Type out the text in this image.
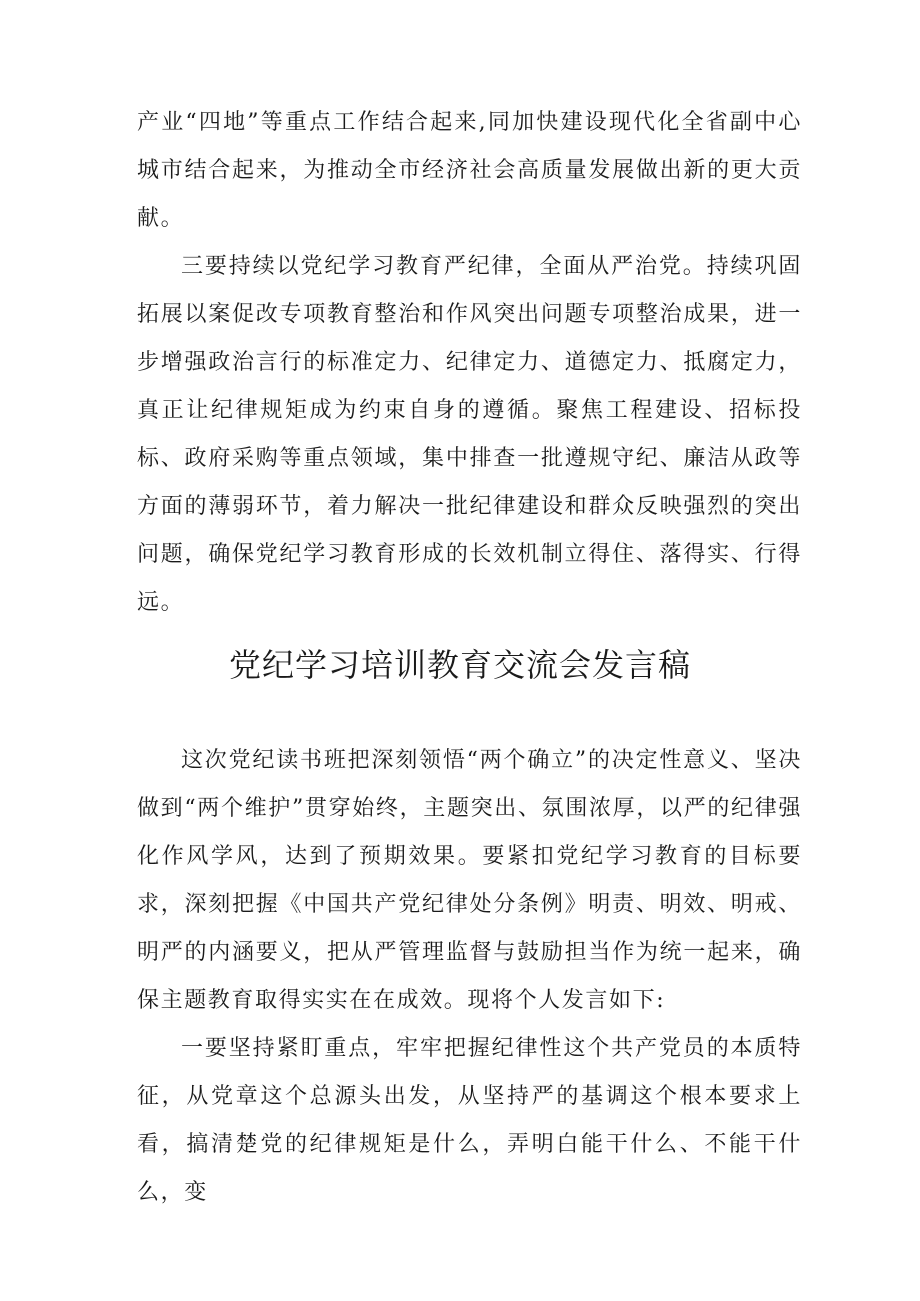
产业“四地”等重点工作结合起来,同加快建设现代化全省副中心城市结合起来，为推动全市经济社会高质量发展做出新的更大贡献。

三要持续以党纪学习教育严纪律，全面从严治党。持续巩固拓展以案促改专项教育整治和作风突出问题专项整治成果，进一步增强政治言行的标准定力、纪律定力、道德定力、抵腐定力，真正让纪律规矩成为约束自身的遵循。聚焦工程建设、招标投标、政府采购等重点领域，集中排查一批遵规守纪、廉洁从政等方面的薄弱环节，着力解决一批纪律建设和群众反映强烈的突出问题，确保党纪学习教育形成的长效机制立得住、落得实、行得远。

党纪学习培训教育交流会发言稿

这次党纪读书班把深刻领悟“两个确立”的决定性意义、坚决做到“两个维护”贯穿始终，主题突出、氛围浓厚，以严的纪律强化作风学风，达到了预期效果。要紧扣党纪学习教育的目标要求，深刻把握《中国共产党纪律处分条例》明责、明效、明戒、明严的内涵要义，把从严管理监督与鼓励担当作为统一起来，确保主题教育取得实实在在成效。现将个人发言如下:

一要坚持紧盯重点，牢牢把握纪律性这个共产党员的本质特征，从党章这个总源头出发，从坚持严的基调这个根本要求上看，搞清楚党的纪律规矩是什么，弄明白能干什么、不能干什么，变
